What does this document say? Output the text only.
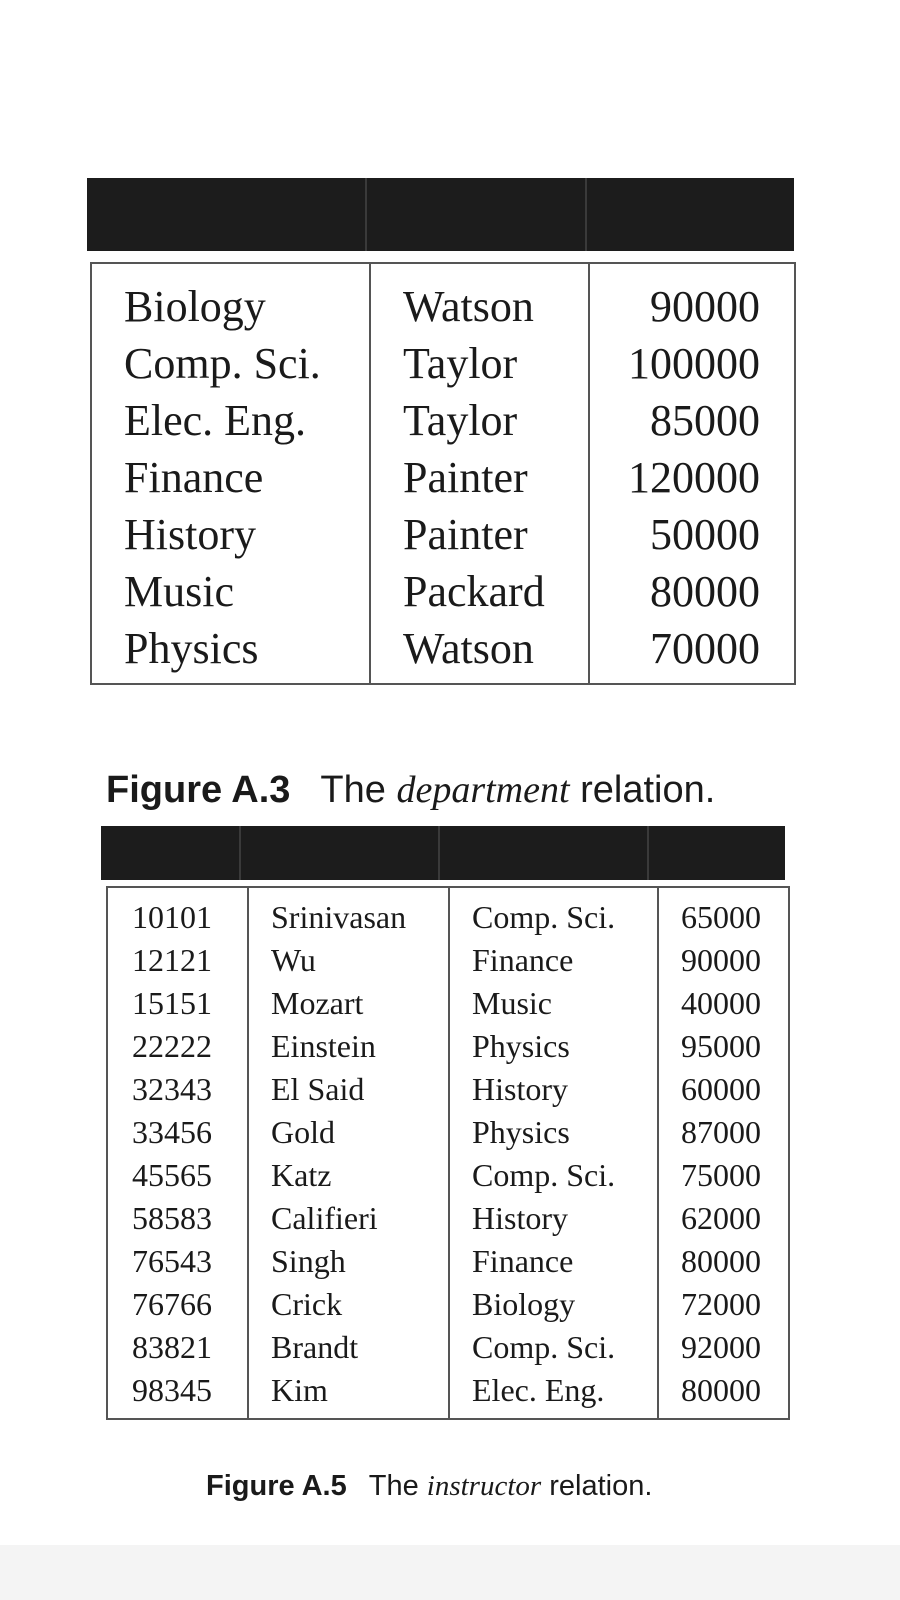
Biology	Watson	90000
Comp. Sci.	Taylor	100000
Elec. Eng.	Taylor	85000
Finance	Painter	120000
History	Painter	50000
Music	Packard	80000
Physics	Watson	70000
Figure A.3 The department relation.
10101	Srinivasan	Comp. Sci.	65000
12121	Wu	Finance	90000
15151	Mozart	Music	40000
22222	Einstein	Physics	95000
32343	El Said	History	60000
33456	Gold	Physics	87000
45565	Katz	Comp. Sci.	75000
58583	Califieri	History	62000
76543	Singh	Finance	80000
76766	Crick	Biology	72000
83821	Brandt	Comp. Sci.	92000
98345	Kim	Elec. Eng.	80000
Figure A.5 The instructor relation.
